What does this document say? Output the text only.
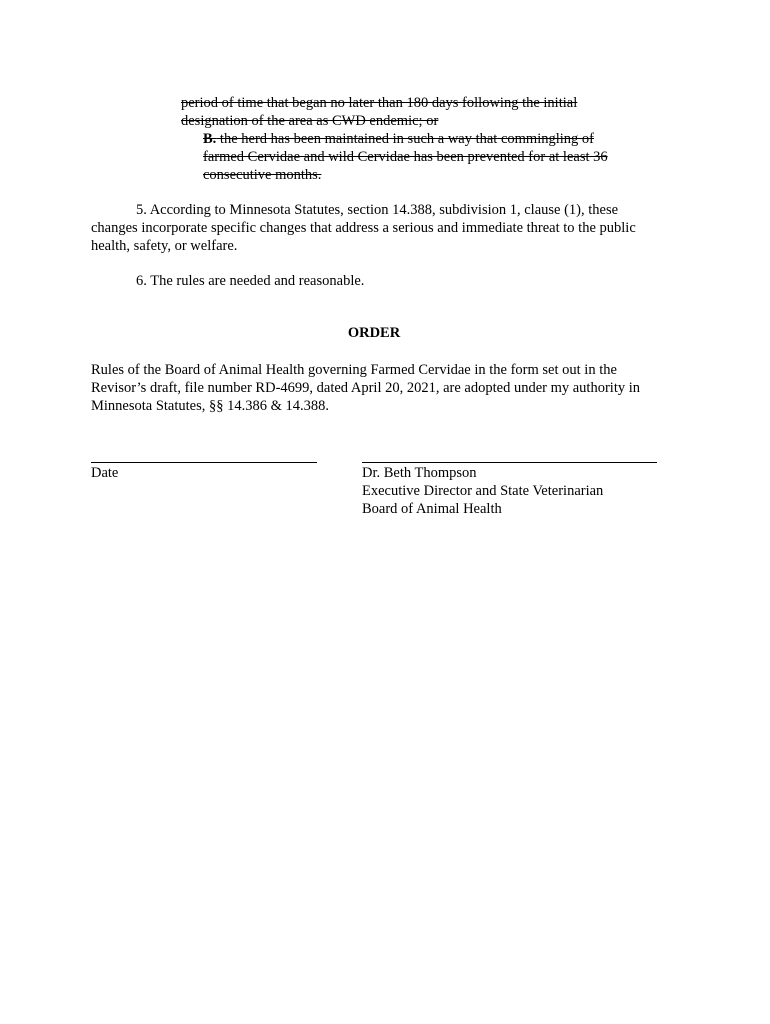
period of time that began no later than 180 days following the initial designation of the area as CWD endemic; or

B. the herd has been maintained in such a way that commingling of farmed Cervidae and wild Cervidae has been prevented for at least 36 consecutive months.

5. According to Minnesota Statutes, section 14.388, subdivision 1, clause (1), these changes incorporate specific changes that address a serious and immediate threat to the public health, safety, or welfare.

6. The rules are needed and reasonable.

ORDER

Rules of the Board of Animal Health governing Farmed Cervidae in the form set out in the Revisor’s draft, file number RD-4699, dated April 20, 2021, are adopted under my authority in Minnesota Statutes, §§ 14.386 & 14.388.

Date	Dr. Beth Thompson
Executive Director and State Veterinarian
Board of Animal Health
